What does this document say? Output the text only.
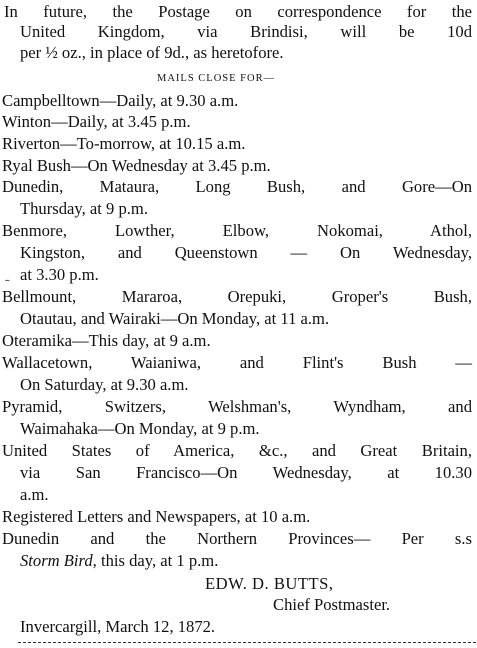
In future, the Postage on correspondence for the
United Kingdom, via Brindisi, will be 10d
per ½ oz., in place of 9d., as heretofore.
MAILS CLOSE FOR—
Campbelltown—Daily, at 9.30 a.m.
Winton—Daily, at 3.45 p.m.
Riverton—To-morrow, at 10.15 a.m.
Ryal Bush—On Wednesday at 3.45 p.m.
Dunedin, Mataura, Long Bush, and Gore—On
Thursday, at 9 p.m.
Benmore, Lowther, Elbow, Nokomai, Athol,
ˍ
Kingston, and Queenstown — On Wednesday,
at 3.30 p.m.
Bellmount, Mararoa, Orepuki, Groper's Bush,
Otautau, and Wairaki—On Monday, at 11 a.m.
Oteramika—This day, at 9 a.m.
Wallacetown, Waianiwa, and Flint's Bush —
On Saturday, at 9.30 a.m.
Pyramid, Switzers, Welshman's, Wyndham, and
Waimahaka—On Monday, at 9 p.m.
United States of America, &c., and Great Britain,
via San Francisco—On Wednesday, at 10.30
a.m.
Registered Letters and Newspapers, at 10 a.m.
Dunedin and the Northern Provinces— Per s.s
Storm Bird, this day, at 1 p.m.
EDW. D. BUTTS,
Chief Postmaster.
Invercargill, March 12, 1872.
